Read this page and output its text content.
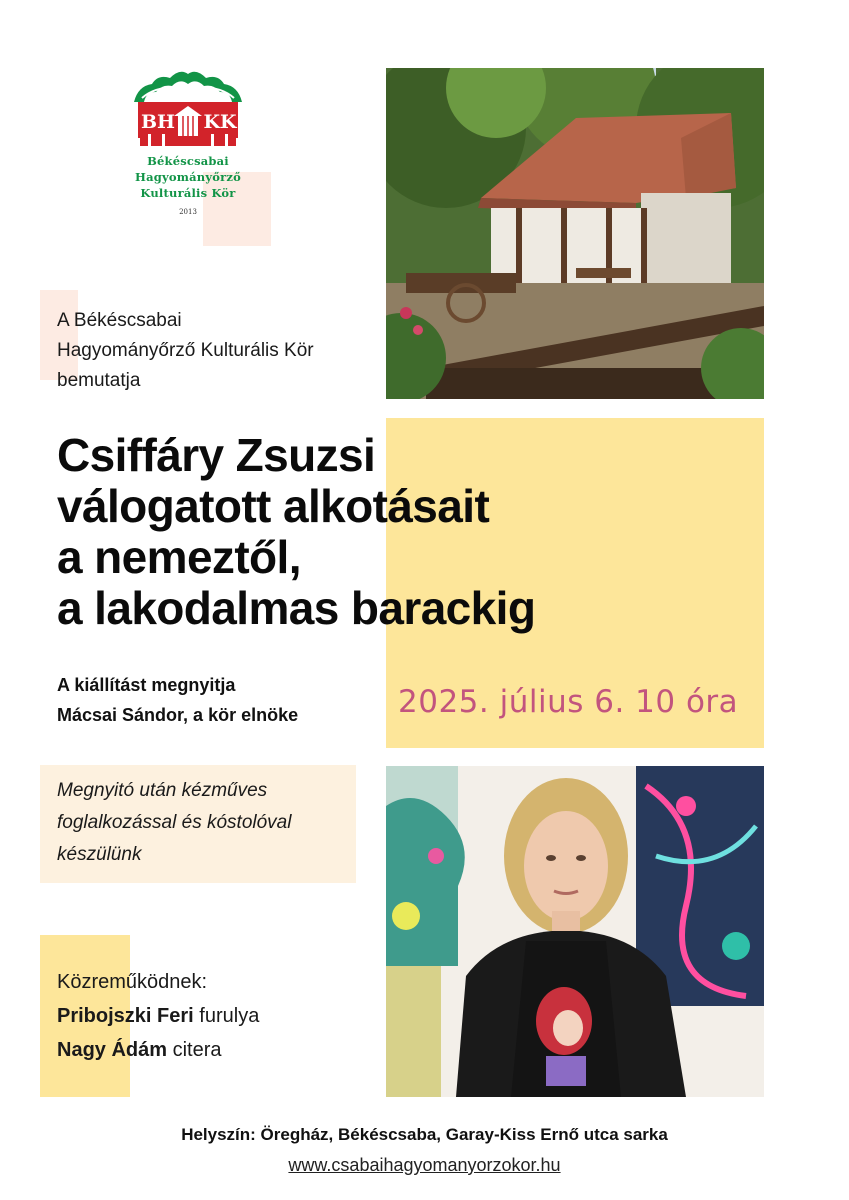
BH KK
Békéscsabai
Hagyományőrző
Kulturális Kör
2013
A Békéscsabai
Hagyományőrző Kulturális Kör
bemutatja
Csiffáry Zsuzsi
válogatott alkotásait
a nemeztől,
a lakodalmas barackig
A kiállítást megnyitja
Mácsai Sándor, a kör elnöke	2025. július 6. 10 óra
Megnyitó után kézműves
foglalkozással és kóstolóval
készülünk
Közreműködnek:
Pribojszki Feri furulya
Nagy Ádám citera
Helyszín: Öregház, Békéscsaba, Garay-Kiss Ernő utca sarka
www.csabaihagyomanyorzokor.hu
